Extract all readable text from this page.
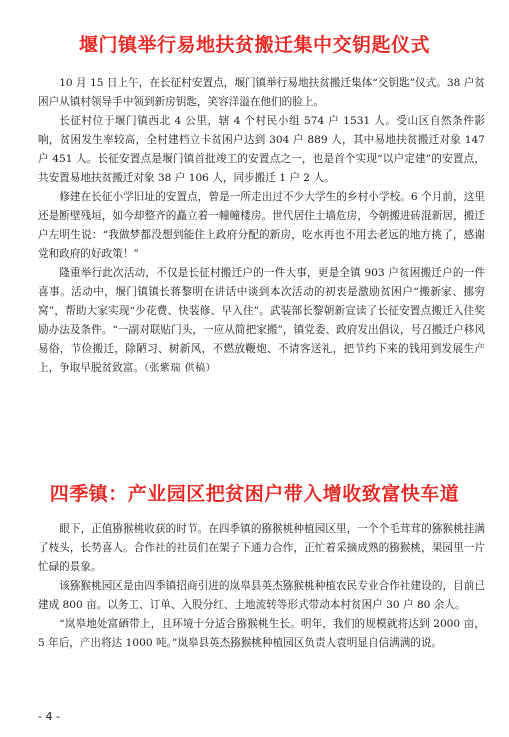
堰门镇举行易地扶贫搬迁集中交钥匙仪式

10 月 15 日上午，在长征村安置点，堰门镇举行易地扶贫搬迁集体“交钥匙”仪式。38 户贫困户从镇村领导手中领到新房钥匙，笑容洋溢在他们的脸上。

长征村位于堰门镇西北 4 公里，辖 4 个村民小组 574 户 1531 人。受山区自然条件影响，贫困发生率较高，全村建档立卡贫困户达到 304 户 889 人，其中易地扶贫搬迁对象 147 户 451 人。长征安置点是堰门镇首批竣工的安置点之一，也是首个实现“以户定建”的安置点，共安置易地扶贫搬迁对象 38 户 106 人，同步搬迁 1 户 2 人。

修建在长征小学旧址的安置点，曾是一所走出过不少大学生的乡村小学校。6 个月前，这里还是断壁残垣，如今却整齐的矗立着一幢幢楼房。世代居住土墙危房，今朝搬进砖混新居，搬迁户左明生说：“我做梦都没想到能住上政府分配的新房，吃水再也不用去老远的地方挑了，感谢党和政府的好政策！”

隆重举行此次活动，不仅是长征村搬迁户的一件大事，更是全镇 903 户贫困搬迁户的一件喜事。活动中，堰门镇镇长蒋黎明在讲话中谈到本次活动的初衷是激励贫困户“搬新家、挪穷窝”，帮助大家实现“少花费、快装修、早入住”。武装部长黎朝新宣读了长征安置点搬迁入住奖励办法及条件。“一副对联贴门头，一应从简把家搬”，镇党委、政府发出倡议，号召搬迁户移风易俗，节俭搬迁，除陋习、树新风，不燃放鞭炮、不请客送礼，把节约下来的钱用到发展生产上，争取早脱贫致富。（张紫瑞 供稿）

四季镇：产业园区把贫困户带入增收致富快车道

眼下，正值猕猴桃收获的时节。在四季镇的猕猴桃种植园区里，一个个毛茸茸的猕猴桃挂满了枝头，长势喜人。合作社的社员们在架子下通力合作，正忙着采摘成熟的猕猴桃，果园里一片忙碌的景象。

该猕猴桃园区是由四季镇招商引进的岚皋县英杰猕猴桃种植农民专业合作社建设的，目前已建成 800 亩。以务工、订单、入股分红、土地流转等形式带动本村贫困户 30 户 80 余人。

“岚皋地处富硒带上，且环境十分适合猕猴桃生长。明年，我们的规模就将达到 2000 亩，5 年后，产出将达 1000 吨。”岚皋县英杰猕猴桃种植园区负责人袁明显自信满满的说。

- 4 -
